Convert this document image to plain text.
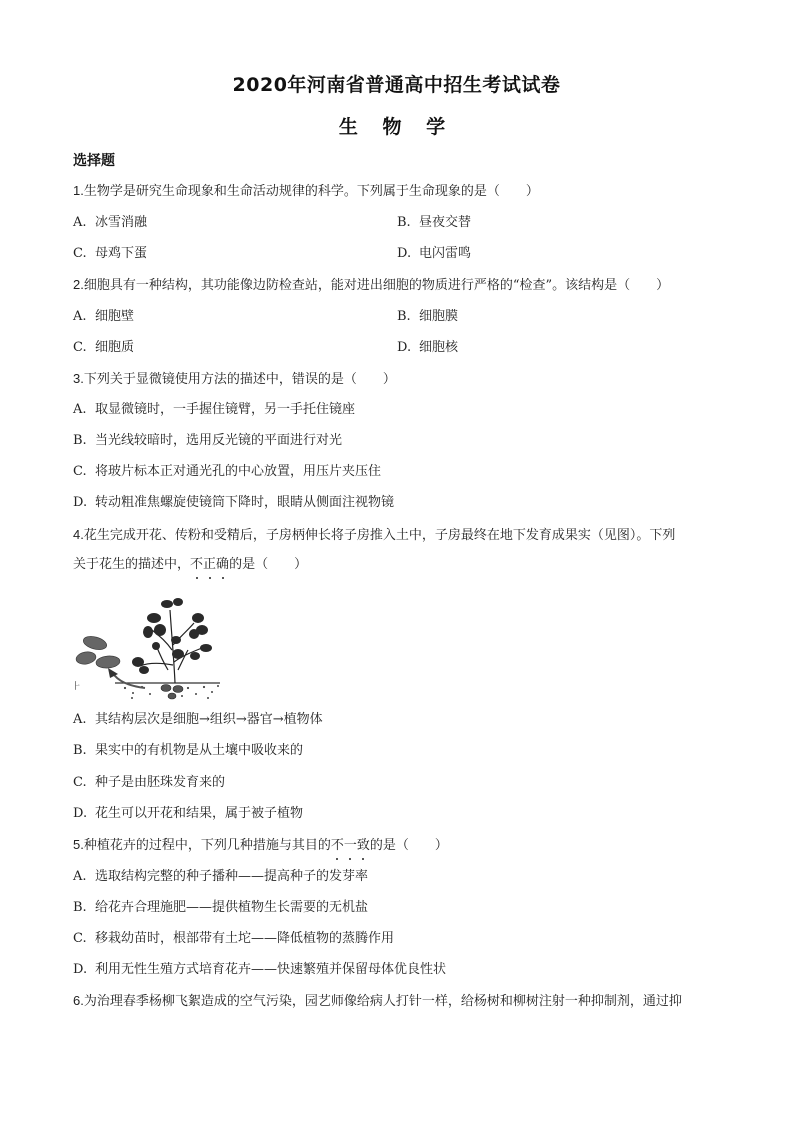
2020年河南省普通高中招生考试试卷
生 物 学
选择题
1.生物学是研究生命现象和生命活动规律的科学。下列属于生命现象的是（　　）
A. 冰雪消融	B. 昼夜交替
C. 母鸡下蛋	D. 电闪雷鸣
2.细胞具有一种结构，其功能像边防检查站，能对进出细胞的物质进行严格的“检查”。该结构是（　　）
A. 细胞壁	B. 细胞膜
C. 细胞质	D. 细胞核
3.下列关于显微镜使用方法的描述中，错误的是（　　）
A. 取显微镜时，一手握住镜臂，另一手托住镜座
B. 当光线较暗时，选用反光镜的平面进行对光
C. 将玻片标本正对通光孔的中心放置，用压片夹压住
D. 转动粗准焦螺旋使镜筒下降时，眼睛从侧面注视物镜
4.花生完成开花、传粉和受精后，子房柄伸长将子房推入土中，子房最终在地下发育成果实（见图）。下列
关于花生的描述中，不正确的是（　　）
⺊
A. 其结构层次是细胞→组织→器官→植物体
B. 果实中的有机物是从土壤中吸收来的
C. 种子是由胚珠发育来的
D. 花生可以开花和结果，属于被子植物
5.种植花卉的过程中，下列几种措施与其目的不一致的是（　　）
A. 选取结构完整的种子播种——提高种子的发芽率
B. 给花卉合理施肥——提供植物生长需要的无机盐
C. 移栽幼苗时，根部带有土坨——降低植物的蒸腾作用
D. 利用无性生殖方式培育花卉——快速繁殖并保留母体优良性状
6.为治理春季杨柳飞絮造成的空气污染，园艺师像给病人打针一样，给杨树和柳树注射一种抑制剂，通过抑
